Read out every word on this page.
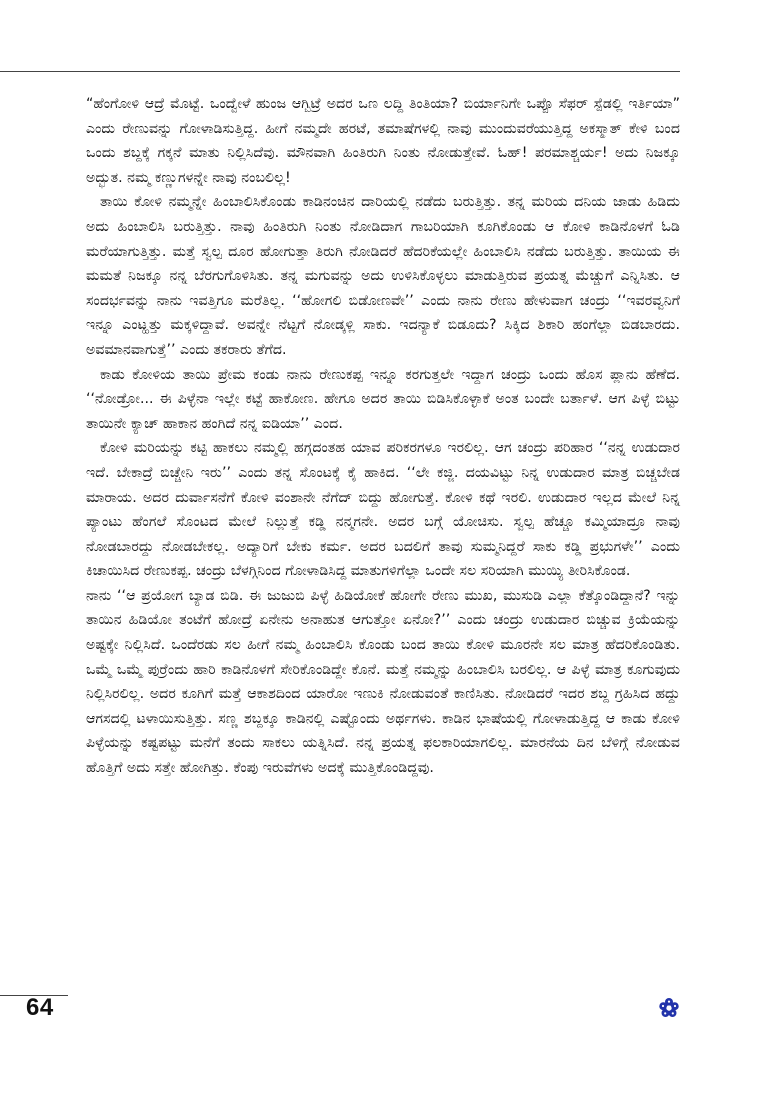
“ಹೆಂಗೋಳಿ ಆದ್ರೆ ಮೊಟ್ಟೆ. ಒಂದ್ವೇಳೆ ಹುಂಜ ಆಗ್ಬಿಟ್ರೆ ಅದರ ಒಣ ಲದ್ದಿ ತಿಂತಿಯಾ? ಬಿರ್ಯಾನಿಗೇ ಒಪ್ಪೊ ಸೆಫರ್ ಸ್ಪೆಡಲ್ಲಿ ಇರ್ತಿಯಾ” ಎಂದು ರೇಣುವನ್ನು ಗೋಳಾಡಿಸುತ್ತಿದ್ದ. ಹೀಗೆ ನಮ್ಮದೇ ಹರಟೆ, ತಮಾಷೆಗಳಲ್ಲಿ ನಾವು ಮುಂದುವರೆಯುತ್ತಿದ್ದ ಅಕಸ್ಮಾತ್ ಕೇಳಿ ಬಂದ ಒಂದು ಶಬ್ದಕ್ಕೆ ಗಕ್ಕನೆ ಮಾತು ನಿಲ್ಲಿಸಿದೆವು. ಮೌನವಾಗಿ ಹಿಂತಿರುಗಿ ನಿಂತು ನೋಡುತ್ತೇವೆ. ಓಹ್! ಪರಮಾಶ್ಚರ್ಯ! ಅದು ನಿಜಕ್ಕೂ ಅದ್ಭುತ. ನಮ್ಮ ಕಣ್ಣುಗಳನ್ನೇ ನಾವು ನಂಬಲಿಲ್ಲ!

ತಾಯಿ ಕೋಳಿ ನಮ್ಮನ್ನೇ ಹಿಂಬಾಲಿಸಿಕೊಂಡು ಕಾಡಿನಂಚಿನ ದಾರಿಯಲ್ಲಿ ನಡೆದು ಬರುತ್ತಿತ್ತು. ತನ್ನ ಮರಿಯ ದನಿಯ ಜಾಡು ಹಿಡಿದು ಅದು ಹಿಂಬಾಲಿಸಿ ಬರುತ್ತಿತ್ತು. ನಾವು ಹಿಂತಿರುಗಿ ನಿಂತು ನೋಡಿದಾಗ ಗಾಬರಿಯಾಗಿ ಕೂಗಿಕೊಂಡು ಆ ಕೋಳಿ ಕಾಡಿನೊಳಗೆ ಓಡಿ ಮರೆಯಾಗುತ್ತಿತ್ತು. ಮತ್ತೆ ಸ್ವಲ್ಪ ದೂರ ಹೋಗುತ್ತಾ ತಿರುಗಿ ನೋಡಿದರೆ ಹೆದರಿಕೆಯಲ್ಲೇ ಹಿಂಬಾಲಿಸಿ ನಡೆದು ಬರುತ್ತಿತ್ತು. ತಾಯಿಯ ಈ ಮಮತೆ ನಿಜಕ್ಕೂ ನನ್ನ ಬೆರಗುಗೊಳಿಸಿತು. ತನ್ನ ಮಗುವನ್ನು ಅದು ಉಳಿಸಿಕೊಳ್ಳಲು ಮಾಡುತ್ತಿರುವ ಪ್ರಯತ್ನ ಮೆಚ್ಚುಗೆ ಎನ್ನಿಸಿತು. ಆ ಸಂದರ್ಭವನ್ನು ನಾನು ಇವತ್ತಿಗೂ ಮರೆತಿಲ್ಲ. ‘‘ಹೋಗಲಿ ಬಿಡೋಣವೇ’’ ಎಂದು ನಾನು ರೇಣು ಹೇಳುವಾಗ ಚಂದ್ರು ‘‘ಇವರವ್ವನಿಗೆ ಇನ್ನೂ ಎಂಟ್ಹತ್ತು ಮಕ್ಕಳಿದ್ದಾವೆ. ಅವನ್ನೇ ನೆಟ್ಟಗೆ ನೋಡ್ಕಳ್ಲಿ ಸಾಕು. ಇದನ್ಯಾಕೆ ಬಿಡೂದು? ಸಿಕ್ಕಿದ ಶಿಕಾರಿ ಹಂಗೆಲ್ಲಾ ಬಿಡಬಾರದು. ಅವಮಾನವಾಗುತ್ತೆ’’ ಎಂದು ತಕರಾರು ತೆಗೆದ.

ಕಾಡು ಕೋಳಿಯ ತಾಯಿ ಪ್ರೇಮ ಕಂಡು ನಾನು ರೇಣುಕಪ್ಪ ಇನ್ನೂ ಕರಗುತ್ತಲೇ ಇದ್ದಾಗ ಚಂದ್ರು ಒಂದು ಹೊಸ ಪ್ಲಾನು ಹೆಣೆದ. ‘‘ನೋಡ್ರೋ... ಈ ಪಿಳ್ಳೆನಾ ಇಲ್ಲೇ ಕಟ್ಟೆ ಹಾಕೋಣ. ಹೇಗೂ ಅದರ ತಾಯಿ ಬಿಡಿಸಿಕೊಳ್ಳಾಕೆ ಅಂತ ಬಂದೇ ಬರ್ತಾಳೆ. ಆಗ ಪಿಳ್ಳೆ ಬಿಟ್ಟು ತಾಯಿನೇ ಕ್ಯಾಚ್ ಹಾಕಾನ ಹಂಗಿದೆ ನನ್ನ ಐಡಿಯಾ’’ ಎಂದ.

ಕೋಳಿ ಮರಿಯನ್ನು ಕಟ್ಟಿ ಹಾಕಲು ನಮ್ಮಲ್ಲಿ ಹಗ್ಗದಂತಹ ಯಾವ ಪರಿಕರಗಳೂ ಇರಲಿಲ್ಲ. ಆಗ ಚಂದ್ರು ಪರಿಹಾರ ‘‘ನನ್ನ ಉಡುದಾರ ಇದೆ. ಬೇಕಾದ್ರೆ ಬಿಚ್ಚೇನಿ ಇರು’’ ಎಂದು ತನ್ನ ಸೊಂಟಕ್ಕೆ ಕೈ ಹಾಕಿದ. ‘‘ಲೇ ಕಜ್ಜಿ. ದಯವಿಟ್ಟು ನಿನ್ನ ಉಡುದಾರ ಮಾತ್ರ ಬಿಚ್ಚಬೇಡ ಮಾರಾಯ. ಅದರ ದುರ್ವಾಸನೆಗೆ ಕೋಳಿ ವಂಶಾನೇ ನೆಗೆದ್ ಬಿದ್ದು ಹೋಗುತ್ತೆ. ಕೋಳಿ ಕಥೆ ಇರಲಿ. ಉಡುದಾರ ಇಲ್ಲದ ಮೇಲೆ ನಿನ್ನ ಪ್ಯಾಂಟು ಹೆಂಗಲೆ ಸೊಂಟದ ಮೇಲೆ ನಿಲ್ಲುತ್ತೆ ಕಡ್ಡಿ ನನ್ಮಗನೇ. ಅದರ ಬಗ್ಗೆ ಯೋಚಿಸು. ಸ್ವಲ್ಪ ಹೆಚ್ಚೂ ಕಮ್ಮಿಯಾದ್ರೂ ನಾವು ನೋಡಬಾರದ್ದು ನೋಡಬೇಕಲ್ಲ. ಅದ್ಯಾರಿಗೆ ಬೇಕು ಕರ್ಮ. ಅದರ ಬದಲಿಗೆ ತಾವು ಸುಮ್ಮನಿದ್ದರೆ ಸಾಕು ಕಡ್ಡಿ ಪ್ರಭುಗಳೇ’’ ಎಂದು ಕಿಚಾಯಿಸಿದ ರೇಣುಕಪ್ಪ. ಚಂದ್ರು ಬೆಳಗ್ಗಿನಿಂದ ಗೋಳಾಡಿಸಿದ್ದ ಮಾತುಗಳಿಗೆಲ್ಲಾ ಒಂದೇ ಸಲ ಸರಿಯಾಗಿ ಮುಯ್ಯಿ ತೀರಿಸಿಕೊಂಡ.

ನಾನು ‘‘ಆ ಪ್ರಯೋಗ ಬ್ಯಾಡ ಬಿಡಿ. ಈ ಜುಜುಬಿ ಪಿಳ್ಳೆ ಹಿಡಿಯೋಕೆ ಹೋಗೇ ರೇಣು ಮುಖ, ಮುಸುಡಿ ಎಲ್ಲಾ ಕೆತ್ಕೊಂಡಿದ್ದಾನೆ? ಇನ್ನು ತಾಯಿನ ಹಿಡಿಯೋ ತಂಟೆಗೆ ಹೋದ್ರೆ ಏನೇನು ಅನಾಹುತ ಆಗುತ್ತೋ ಏನೋ?’’ ಎಂದು ಚಂದ್ರು ಉಡುದಾರ ಬಿಚ್ಚುವ ಕ್ರಿಯೆಯನ್ನು ಅಷ್ಟಕ್ಕೇ ನಿಲ್ಲಿಸಿದೆ. ಒಂದೆರಡು ಸಲ ಹೀಗೆ ನಮ್ಮ ಹಿಂಬಾಲಿಸಿ ಕೊಂಡು ಬಂದ ತಾಯಿ ಕೋಳಿ ಮೂರನೇ ಸಲ ಮಾತ್ರ ಹೆದರಿಕೊಂಡಿತು. ಒಮ್ಮೆ ಒಮ್ಮೆ ಪುರ್ರೆಂದು ಹಾರಿ ಕಾಡಿನೊಳಗೆ ಸೇರಿಕೊಂಡಿದ್ದೇ ಕೊನೆ. ಮತ್ತೆ ನಮ್ಮನ್ನು ಹಿಂಬಾಲಿಸಿ ಬರಲಿಲ್ಲ. ಆ ಪಿಳ್ಳೆ ಮಾತ್ರ ಕೂಗುವುದು ನಿಲ್ಲಿಸಿರಲಿಲ್ಲ. ಅದರ ಕೂಗಿಗೆ ಮತ್ತೆ ಆಕಾಶದಿಂದ ಯಾರೋ ಇಣುಕಿ ನೋಡುವಂತೆ ಕಾಣಿಸಿತು. ನೋಡಿದರೆ ಇದರ ಶಬ್ದ ಗ್ರಹಿಸಿದ ಹದ್ದು ಆಗಸದಲ್ಲಿ ಟಳಾಯಿಸುತ್ತಿತ್ತು. ಸಣ್ಣ ಶಬ್ದಕ್ಕೂ ಕಾಡಿನಲ್ಲಿ ಎಷ್ಟೊಂದು ಅರ್ಥಗಳು. ಕಾಡಿನ ಭಾಷೆಯಲ್ಲಿ ಗೋಳಾಡುತ್ತಿದ್ದ ಆ ಕಾಡು ಕೋಳಿ ಪಿಳ್ಳೆಯನ್ನು ಕಷ್ಟಪಟ್ಟು ಮನೆಗೆ ತಂದು ಸಾಕಲು ಯತ್ನಿಸಿದೆ. ನನ್ನ ಪ್ರಯತ್ನ ಫಲಕಾರಿಯಾಗಲಿಲ್ಲ. ಮಾರನೆಯ ದಿನ ಬೆಳಿಗ್ಗೆ ನೋಡುವ ಹೊತ್ತಿಗೆ ಅದು ಸತ್ತೇ ಹೋಗಿತ್ತು. ಕೆಂಪು ಇರುವೆಗಳು ಅದಕ್ಕೆ ಮುತ್ತಿಕೊಂಡಿದ್ದವು.

64
